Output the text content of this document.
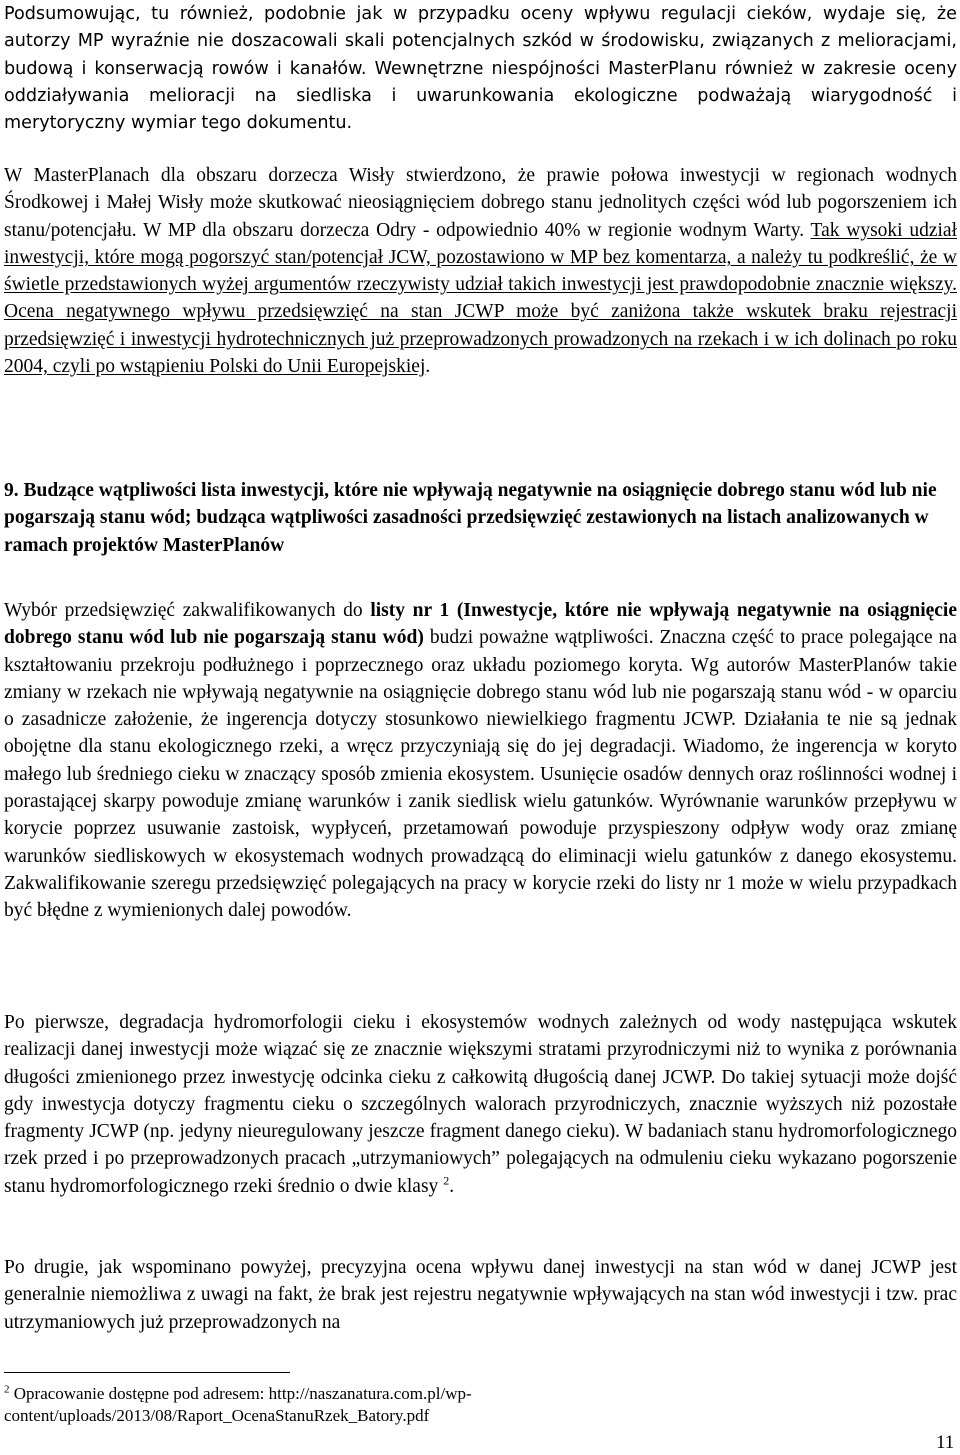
Podsumowując, tu również, podobnie jak w przypadku oceny wpływu regulacji cieków, wydaje się, że autorzy MP wyraźnie nie doszacowali skali potencjalnych szkód w środowisku, związanych z melioracjami, budową i konserwacją rowów i kanałów. Wewnętrzne niespójności MasterPlanu również w zakresie oceny oddziaływania melioracji na siedliska i uwarunkowania ekologiczne podważają wiarygodność i merytoryczny wymiar tego dokumentu.

W MasterPlanach dla obszaru dorzecza Wisły stwierdzono, że prawie połowa inwestycji w regionach wodnych Środkowej i Małej Wisły może skutkować nieosiągnięciem dobrego stanu jednolitych części wód lub pogorszeniem ich stanu/potencjału. W MP dla obszaru dorzecza Odry - odpowiednio 40% w regionie wodnym Warty. Tak wysoki udział inwestycji, które mogą pogorszyć stan/potencjał JCW, pozostawiono w MP bez komentarza, a należy tu podkreślić, że w świetle przedstawionych wyżej argumentów rzeczywisty udział takich inwestycji jest prawdopodobnie znacznie większy. Ocena negatywnego wpływu przedsięwzięć na stan JCWP może być zaniżona także wskutek braku rejestracji przedsięwzięć i inwestycji hydrotechnicznych już przeprowadzonych prowadzonych na rzekach i w ich dolinach po roku 2004, czyli po wstąpieniu Polski do Unii Europejskiej.

9. Budzące wątpliwości lista inwestycji, które nie wpływają negatywnie na osiągnięcie dobrego stanu wód lub nie pogarszają stanu wód; budząca wątpliwości zasadności przedsięwzięć zestawionych na listach analizowanych w ramach projektów MasterPlanów

Wybór przedsięwzięć zakwalifikowanych do listy nr 1 (Inwestycje, które nie wpływają negatywnie na osiągnięcie dobrego stanu wód lub nie pogarszają stanu wód) budzi poważne wątpliwości. Znaczna część to prace polegające na kształtowaniu przekroju podłużnego i poprzecznego oraz układu poziomego koryta. Wg autorów MasterPlanów takie zmiany w rzekach nie wpływają negatywnie na osiągnięcie dobrego stanu wód lub nie pogarszają stanu wód - w oparciu o zasadnicze założenie, że ingerencja dotyczy stosunkowo niewielkiego fragmentu JCWP. Działania te nie są jednak obojętne dla stanu ekologicznego rzeki, a wręcz przyczyniają się do jej degradacji. Wiadomo, że ingerencja w koryto małego lub średniego cieku w znaczący sposób zmienia ekosystem. Usunięcie osadów dennych oraz roślinności wodnej i porastającej skarpy powoduje zmianę warunków i zanik siedlisk wielu gatunków. Wyrównanie warunków przepływu w korycie poprzez usuwanie zastoisk, wypłyceń, przetamowań powoduje przyspieszony odpływ wody oraz zmianę warunków siedliskowych w ekosystemach wodnych prowadzącą do eliminacji wielu gatunków z danego ekosystemu. Zakwalifikowanie szeregu przedsięwzięć polegających na pracy w korycie rzeki do listy nr 1 może w wielu przypadkach być błędne z wymienionych dalej powodów.

Po pierwsze, degradacja hydromorfologii cieku i ekosystemów wodnych zależnych od wody następująca wskutek realizacji danej inwestycji może wiązać się ze znacznie większymi stratami przyrodniczymi niż to wynika z porównania długości zmienionego przez inwestycję odcinka cieku z całkowitą długością danej JCWP. Do takiej sytuacji może dojść gdy inwestycja dotyczy fragmentu cieku o szczególnych walorach przyrodniczych, znacznie wyższych niż pozostałe fragmenty JCWP (np. jedyny nieuregulowany jeszcze fragment danego cieku). W badaniach stanu hydromorfologicznego rzek przed i po przeprowadzonych pracach „utrzymaniowych” polegających na odmuleniu cieku wykazano pogorszenie stanu hydromorfologicznego rzeki średnio o dwie klasy $^2$.

Po drugie, jak wspominano powyżej, precyzyjna ocena wpływu danej inwestycji na stan wód w danej JCWP jest generalnie niemożliwa z uwagi na fakt, że brak jest rejestru negatywnie wpływających na stan wód inwestycji i tzw. prac utrzymaniowych już przeprowadzonych na

$^2$ Opracowanie dostępne pod adresem: http://naszanatura.com.pl/wp-content/uploads/2013/08/Raport_OcenaStanuRzek_Batory.pdf
11
